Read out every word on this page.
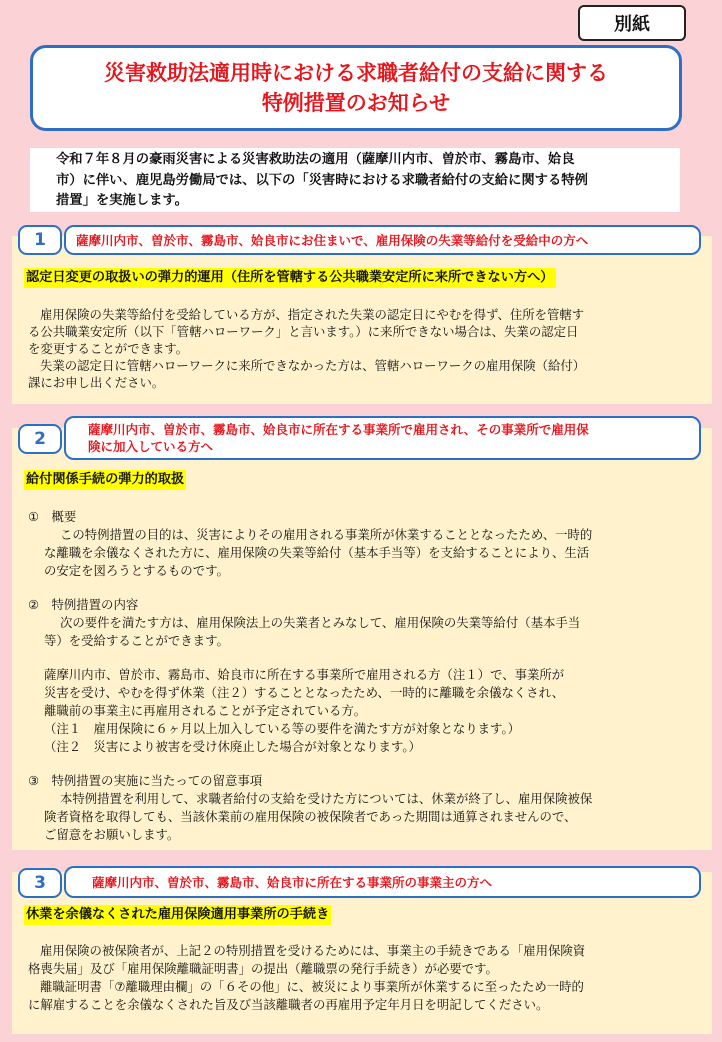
別紙
災害救助法適用時における求職者給付の支給に関する
特例措置のお知らせ
令和７年８月の豪雨災害による災害救助法の適用（薩摩川内市、曽於市、霧島市、姶良
市）に伴い、鹿児島労働局では、以下の「災害時における求職者給付の支給に関する特例
措置」を実施します。
1	薩摩川内市、曽於市、霧島市、姶良市にお住まいで、雇用保険の失業等給付を受給中の方へ
認定日変更の取扱いの弾力的運用（住所を管轄する公共職業安定所に来所できない方へ）
雇用保険の失業等給付を受給している方が、指定された失業の認定日にやむを得ず、住所を管轄す
る公共職業安定所（以下「管轄ハローワーク」と言います。）に来所できない場合は、失業の認定日
を変更することができます。
失業の認定日に管轄ハローワークに来所できなかった方は、管轄ハローワークの雇用保険（給付）
課にお申し出ください。
2	薩摩川内市、曽於市、霧島市、姶良市に所在する事業所で雇用され、その事業所で雇用保
険に加入している方へ
給付関係手続の弾力的取扱
①　概要
この特例措置の目的は、災害によりその雇用される事業所が休業することとなったため、一時的
な離職を余儀なくされた方に、雇用保険の失業等給付（基本手当等）を支給することにより、生活
の安定を図ろうとするものです。
②　特例措置の内容
次の要件を満たす方は、雇用保険法上の失業者とみなして、雇用保険の失業等給付（基本手当
等）を受給することができます。
薩摩川内市、曽於市、霧島市、姶良市に所在する事業所で雇用される方（注１）で、事業所が
災害を受け、やむを得ず休業（注２）することとなったため、一時的に離職を余儀なくされ、
離職前の事業主に再雇用されることが予定されている方。
（注１　雇用保険に６ヶ月以上加入している等の要件を満たす方が対象となります。）
（注２　災害により被害を受け休廃止した場合が対象となります。）
③　特例措置の実施に当たっての留意事項
本特例措置を利用して、求職者給付の支給を受けた方については、休業が終了し、雇用保険被保
険者資格を取得しても、当該休業前の雇用保険の被保険者であった期間は通算されませんので、
ご留意をお願いします。
3	薩摩川内市、曽於市、霧島市、姶良市に所在する事業所の事業主の方へ
休業を余儀なくされた雇用保険適用事業所の手続き
雇用保険の被保険者が、上記２の特別措置を受けるためには、事業主の手続きである「雇用保険資
格喪失届」及び「雇用保険離職証明書」の提出（離職票の発行手続き）が必要です。
離職証明書「⑦離職理由欄」の「６その他」に、被災により事業所が休業するに至ったため一時的
に解雇することを余儀なくされた旨及び当該離職者の再雇用予定年月日を明記してください。
